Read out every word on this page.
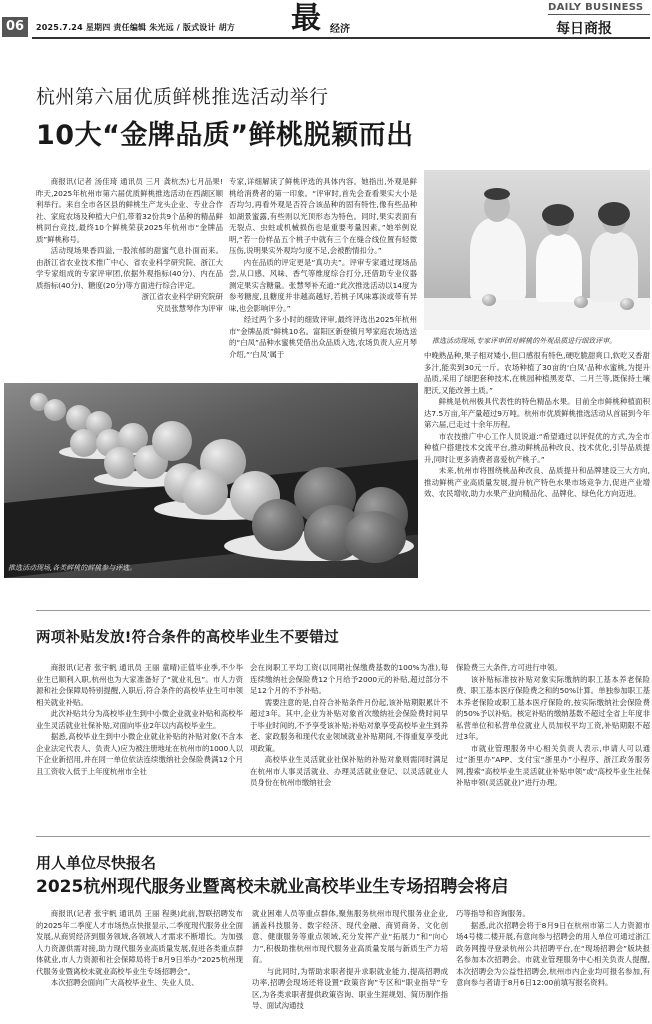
06	2025.7.24 星期四 责任编辑 朱光远 / 版式设计 胡方 最 经济
DAILY BUSINESS
每日商报
杭州第六届优质鲜桃推选活动举行
10大“金牌品质”鲜桃脱颖而出

商报讯(记者 汤佳琦 通讯员 三月 龚杭杰)七月品果!昨天,2025年杭州市第六届优质鲜桃推选活动在西湖区顺利举行。来自全市各区县的鲜桃生产龙头企业、专业合作社、家庭农场及种植大户们,带着32份共9个品种的精品鲜桃同台竞技,最终10个鲜桃荣获2025年杭州市“金牌品质”鲜桃称号。

活动现场果香四溢,一股浓郁的甜蜜气息扑面而来。由浙江省农业技术推广中心、省农业科学研究院、浙江大学专家组成的专家评审团,依据外观指标(40分)、内在品质指标(40分)、糖度(20分)等方面进行综合评定。

浙江省农业科学研究院研

究员张慧琴作为评审

专家,详细解读了鲜桃评选的具体内容。她指出,外观是鲜桃给消费者的第一印象。“评审时,首先会查看果实大小是否均匀,再看外观是否符合该品种的固有特性,像有些品种如湖景蜜露,有些则以光顶形态为特色。同时,果实表面有无裂点、虫蛀或机械损伤也是重要考量因素。”她举例说明,“若一份样品五个桃子中就有三个在缝合线位置有轻微压伤,说明果实外观均匀度不足,会被酌情扣分。”

内在品质的评定更是“真功夫”。评审专家通过现场品尝,从口感、风味、香气等维度综合打分,还借助专业仪器测定果实含糖量。张慧琴补充道:“此次推选活动以14度为参考糖度,且糖度并非越高越好,若桃子风味寡淡或带有异味,也会影响评分。”

经过两个多小时的细致评审,最终评选出2025年杭州市“金牌品质”鲜桃10名。富阳区新登镇月琴家庭农场选送的“白凤”品种水蜜桃凭借出众品质入选,农场负责人应月琴介绍,“‘白凤’属于

推选活动现场,各类鲜桃的鲜桃参与评选。
推选活动现场,专家评审团对鲜桃的外观品质进行细致评审。

中晚熟品种,果子相对矮小,但口感很有特色,硬吃脆甜爽口,软吃又香甜多汁,能卖到30元一斤。农场种植了30亩的‘白凤’品种水蜜桃,为提升品质,采用了绿肥套种技术,在桃园种植黑麦草、二月兰等,既保持土壤肥沃,又能改善土质。”

鲜桃是杭州极具代表性的特色精品水果。目前全市鲜桃种植面积达7.5万亩,年产量超过9万吨。杭州市优质鲜桃推选活动从首届到今年第六届,已走过十余年历程。

市农技推广中心工作人员说道:“希望通过以评促优的方式,为全市种植户搭建技术交流平台,推动鲜桃品种改良、技术优化,引导品质提升,同时让更多消费者喜爱杭产桃子。”

未来,杭州市将围绕桃品种改良、品质提升和品牌建设三大方向,推动鲜桃产业高质量发展,提升杭产特色水果市场竞争力,促进产业增效、农民增收,助力水果产业向精品化、品牌化、绿色化方向迈进。

两项补贴发放!符合条件的高校毕业生不要错过

商报讯(记者 张宇帆 通讯员 王丽 童晴)正值毕业季,不少毕业生已顺利入职,杭州也为大家准备好了“就业礼包”。市人力资源和社会保障局特别提醒,入职后,符合条件的高校毕业生可申领相关就业补贴。

此次补贴共分为高校毕业生到中小微企业就业补贴和高校毕业生灵活就业社保补贴,对面向毕业2年以内高校毕业生。

据悉,高校毕业生到中小微企业就业补贴的补贴对象(不含本企业法定代表人、负责人)应为被注册地址在杭州市的1000人以下企业新招用,并在同一单位依法连续缴纳社会保险费满12个月且工资收入低于上年度杭州市全社

会在岗职工平均工资(以同期社保缴费基数的100%为准),每连续缴纳社会保险费12个月给予2000元的补贴,超过部分不足12个月的不予补贴。

需要注意的是,自符合补贴条件月份起,该补贴期限累计不超过3年。其中,企业为补贴对象首次缴纳社会保险费时间早于毕业时间的,不予享受该补贴;补贴对象享受高校毕业生到养老、家政服务和现代农业领域就业补贴期间,不得重复享受此项政策。

高校毕业生灵活就业社保补贴的补贴对象则需同时满足在杭州市人事灵活就业、办理灵活就业登记、以灵活就业人员身份在杭州市缴纳社会

保险费三大条件,方可进行申领。

该补贴标准按补贴对象实际缴纳的职工基本养老保险费、职工基本医疗保险费之和的50%计算。单独参加职工基本养老保险或职工基本医疗保险的,按实际缴纳社会保险费的50%予以补贴。核定补贴的缴纳基数不超过全省上年度非私营单位和私营单位就业人员加权平均工资,补贴期限不超过3年。

市就业管理服务中心相关负责人表示,申请人可以通过“浙里办”APP、支付宝“浙里办”小程序、浙江政务服务网,搜索“高校毕业生灵活就业补贴申领”或“高校毕业生社保补贴申领(灵活就业)”进行办理。

用人单位尽快报名
2025杭州现代服务业暨离校未就业高校毕业生专场招聘会将启

商报讯(记者 张宇帆 通讯员 王丽 程奥)此前,智联招聘发布的2025年二季度人才市场热点快报显示,二季度现代服务业全面发展,从商贸经济到服务领域,各领域人才需求不断增长。为加强人力资源供需对接,助力现代服务业高质量发展,促进各类重点群体就业,市人力资源和社会保障局将于8月9日举办“2025杭州现代服务业暨离校未就业高校毕业生专场招聘会”。

本次招聘会面向广大高校毕业生、失业人员、

就业困难人员等重点群体,聚焦服务杭州市现代服务业企业,涵盖科技服务、数字经济、现代金融、商贸商务、文化创意、健康服务等重点领域,充分发挥产业“拓展力”和“向心力”,积极助推杭州市现代服务业高质量发展与新质生产力培育。

与此同时,为帮助求职者提升求职就业能力,提高招聘成功率,招聘会现场还将设置“政策咨询”专区和“职业指导”专区,为各类求职者提供政策咨询、职业生涯规划、简历制作指导、面试沟通技

巧等指导和咨询服务。

据悉,此次招聘会将于8月9日在杭州市第二人力资源市场4号楼二楼开展,有意向参与招聘会的用人单位可通过浙江政务网搜寻登录杭州公共招聘平台,在“现场招聘会”版块报名参加本次招聘会。市就业管理服务中心相关负责人提醒,本次招聘会为公益性招聘会,杭州市内企业均可报名参加,有意向参与者请于8月6日12:00前填写报名资料。
